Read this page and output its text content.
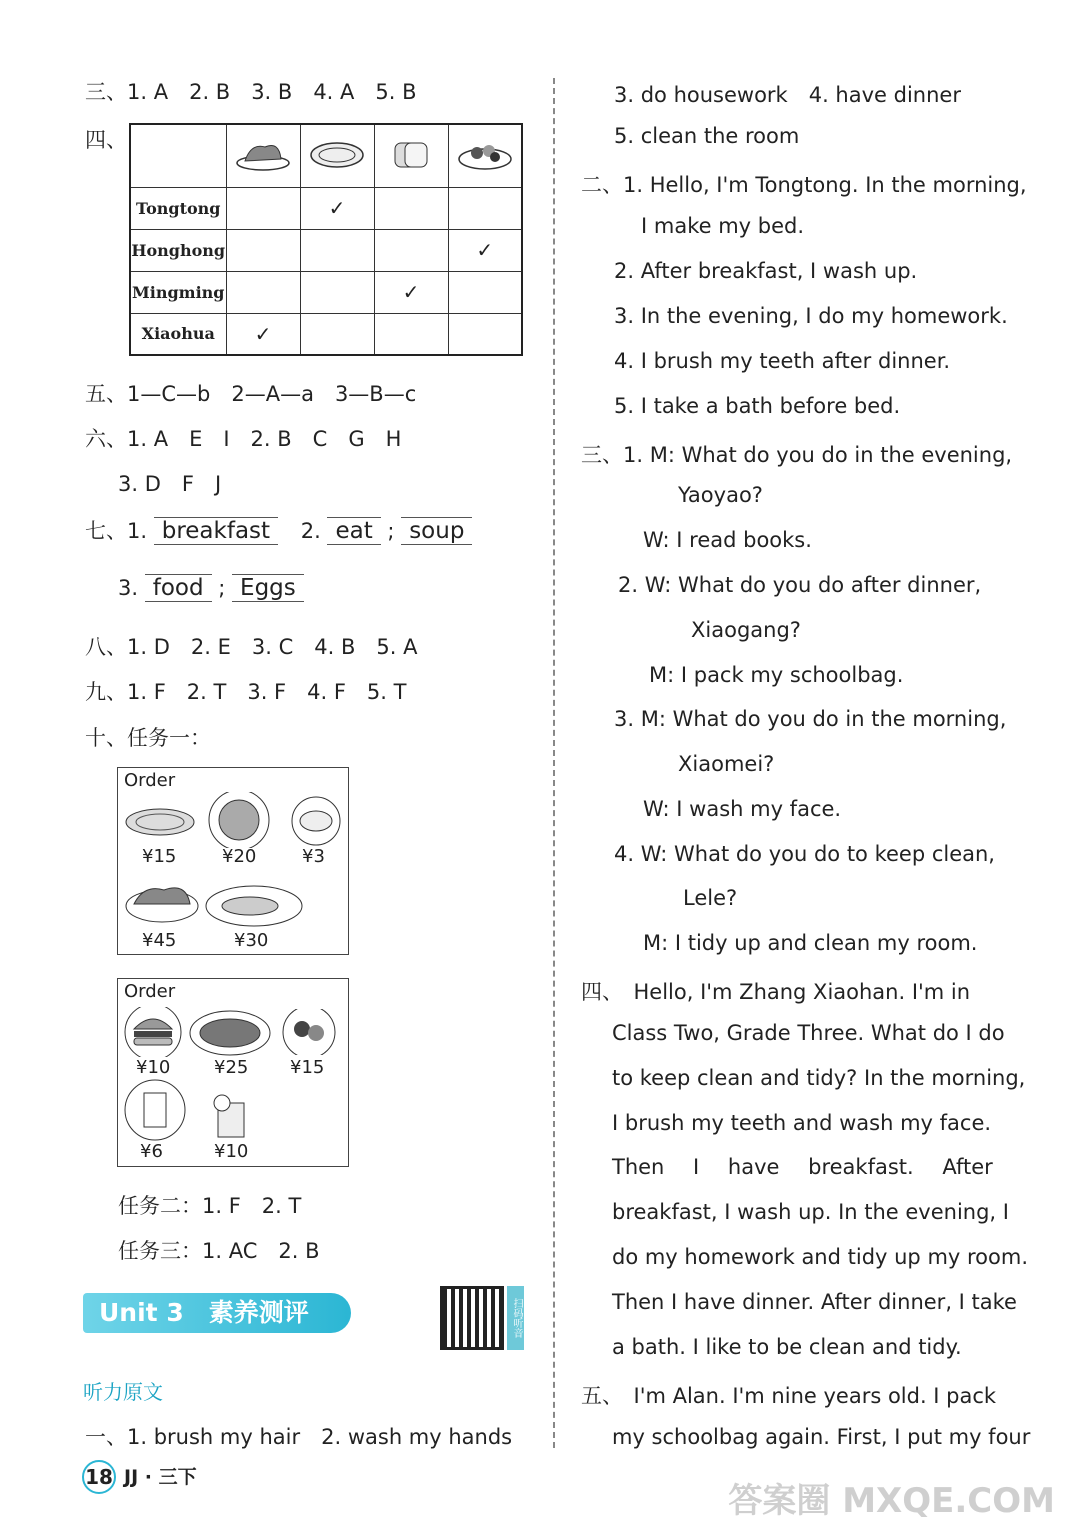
三、1. A　2. B　3. B　4. A　5. B
四、

Tongtong		✓		
Honghong				✓
Mingming			✓	
Xiaohua	✓			
五、1—C—b　2—A—a　3—B—c
六、1. A　E　I　2. B　C　G　H
3. D　F　J
七、1. breakfast 2. eat ; soup
3. food ; Eggs
八、1. D　2. E　3. C　4. B　5. A
九、1. F　2. T　3. F　4. F　5. T
十、任务一：
Order
¥15	¥20	¥3
¥45	¥30
Order
¥10 ¥25 ¥15
¥6	¥10
任务二：1. F　2. T
任务三：1. AC　2. B
Unit 3　素养测评	扫码听音
听力原文
一、1. brush my hair　2. wash my hands
18 JJ · 三下
3. do housework　4. have dinner
5. clean the room
二、1. Hello, I'm Tongtong. In the morning,
I make my bed.
2. After breakfast, I wash up.
3. In the evening, I do my homework.
4. I brush my teeth after dinner.
5. I take a bath before bed.
三、1. M: What do you do in the evening,
Yaoyao?
W: I read books.
2. W: What do you do after dinner,
Xiaogang?
M: I pack my schoolbag.
3. M: What do you do in the morning,
Xiaomei?
W: I wash my face.
4. W: What do you do to keep clean,
Lele?
M: I tidy up and clean my room.
四、　Hello, I'm Zhang Xiaohan. I'm in
Class Two, Grade Three. What do I do
to keep clean and tidy? In the morning,
I brush my teeth and wash my face.
Then I have breakfast. After
breakfast, I wash up. In the evening, I
do my homework and tidy up my room.
Then I have dinner. After dinner, I take
a bath. I like to be clean and tidy.
五、　I'm Alan. I'm nine years old. I pack
my schoolbag again. First, I put my four
答案圈 MXQE.COM
